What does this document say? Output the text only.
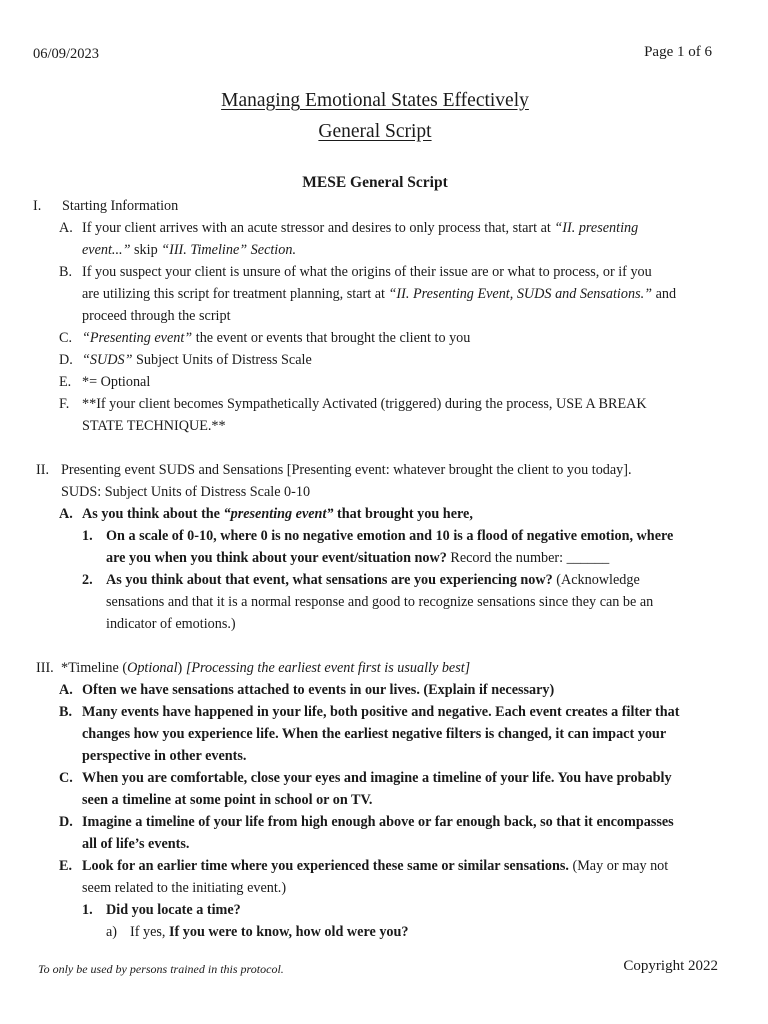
06/09/2023	Page 1 of 6
Managing Emotional States Effectively
General Script
MESE General Script
I. Starting Information
A. If your client arrives with an acute stressor and desires to only process that, start at “II. presenting
event...” skip “III. Timeline” Section.
B. If you suspect your client is unsure of what the origins of their issue are or what to process, or if you
are utilizing this script for treatment planning, start at “II. Presenting Event, SUDS and Sensations.” and
proceed through the script
C. “Presenting event” the event or events that brought the client to you
D. “SUDS” Subject Units of Distress Scale
E. *= Optional
F. **If your client becomes Sympathetically Activated (triggered) during the process, USE A BREAK
STATE TECHNIQUE.**
II. Presenting event SUDS and Sensations [Presenting event: whatever brought the client to you today].
SUDS: Subject Units of Distress Scale 0-10
A. As you think about the “presenting event” that brought you here,
1. On a scale of 0-10, where 0 is no negative emotion and 10 is a flood of negative emotion, where
are you when you think about your event/situation now? Record the number: ______
2. As you think about that event, what sensations are you experiencing now? (Acknowledge
sensations and that it is a normal response and good to recognize sensations since they can be an
indicator of emotions.)
III. *Timeline (Optional) [Processing the earliest event first is usually best]
A. Often we have sensations attached to events in our lives. (Explain if necessary)
B. Many events have happened in your life, both positive and negative. Each event creates a filter that
changes how you experience life. When the earliest negative filters is changed, it can impact your
perspective in other events.
C. When you are comfortable, close your eyes and imagine a timeline of your life. You have probably
seen a timeline at some point in school or on TV.
D. Imagine a timeline of your life from high enough above or far enough back, so that it encompasses
all of life’s events.
E. Look for an earlier time where you experienced these same or similar sensations. (May or may not
seem related to the initiating event.)
1. Did you locate a time?
a) If yes, If you were to know, how old were you?
To only be used by persons trained in this protocol.	Copyright 2022
